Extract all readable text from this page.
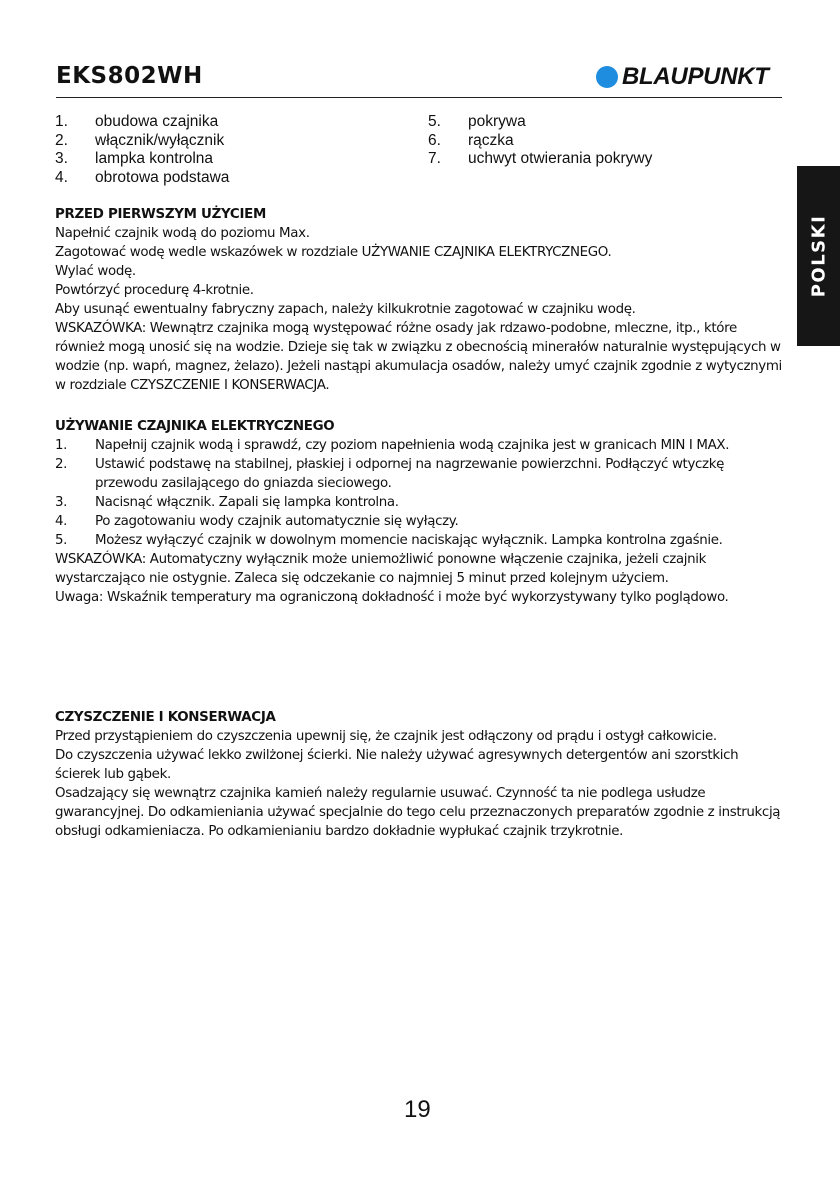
EKS802WH	BLAUPUNKT
1.	obudowa czajnika
2.	włącznik/wyłącznik
3.	lampka kontrolna
4.	obrotowa podstawa
5.	pokrywa
6.	rączka
7.	uchwyt otwierania pokrywy
POLSKI
PRZED PIERWSZYM UŻYCIEM

Napełnić czajnik wodą do poziomu Max.

Zagotować wodę wedle wskazówek w rozdziale UŻYWANIE CZAJNIKA ELEKTRYCZNEGO.

Wylać wodę.

Powtórzyć procedurę 4-krotnie.

Aby usunąć ewentualny fabryczny zapach, należy kilkukrotnie zagotować w czajniku wodę.

WSKAZÓWKA: Wewnątrz czajnika mogą występować różne osady jak rdzawo-podobne, mleczne, itp., które również mogą unosić się na wodzie. Dzieje się tak w związku z obecnością minerałów naturalnie występujących w wodzie (np. wapń, magnez, żelazo). Jeżeli nastąpi akumulacja osadów, należy umyć czajnik zgodnie z wytycznymi w rozdziale CZYSZCZENIE I KONSERWACJA.

UŻYWANIE CZAJNIKA ELEKTRYCZNEGO
1.	Napełnij czajnik wodą i sprawdź, czy poziom napełnienia wodą czajnika jest w granicach MIN I MAX.
2.	Ustawić podstawę na stabilnej, płaskiej i odpornej na nagrzewanie powierzchni. Podłączyć wtyczkę przewodu zasilającego do gniazda sieciowego.
3.	Nacisnąć włącznik. Zapali się lampka kontrolna.
4.	Po zagotowaniu wody czajnik automatycznie się wyłączy.
5.	Możesz wyłączyć czajnik w dowolnym momencie naciskając wyłącznik. Lampka kontrolna zgaśnie.

WSKAZÓWKA: Automatyczny wyłącznik może uniemożliwić ponowne włączenie czajnika, jeżeli czajnik wystarczająco nie ostygnie. Zaleca się odczekanie co najmniej 5 minut przed kolejnym użyciem.

Uwaga: Wskaźnik temperatury ma ograniczoną dokładność i może być wykorzystywany tylko poglądowo.

CZYSZCZENIE I KONSERWACJA

Przed przystąpieniem do czyszczenia upewnij się, że czajnik jest odłączony od prądu i ostygł całkowicie.

Do czyszczenia używać lekko zwilżonej ścierki. Nie należy używać agresywnych detergentów ani szorstkich ścierek lub gąbek.

Osadzający się wewnątrz czajnika kamień należy regularnie usuwać. Czynność ta nie podlega usłudze gwarancyjnej. Do odkamieniania używać specjalnie do tego celu przeznaczonych preparatów zgodnie z instrukcją obsługi odkamieniacza. Po odkamienianiu bardzo dokładnie wypłukać czajnik trzykrotnie.

19
